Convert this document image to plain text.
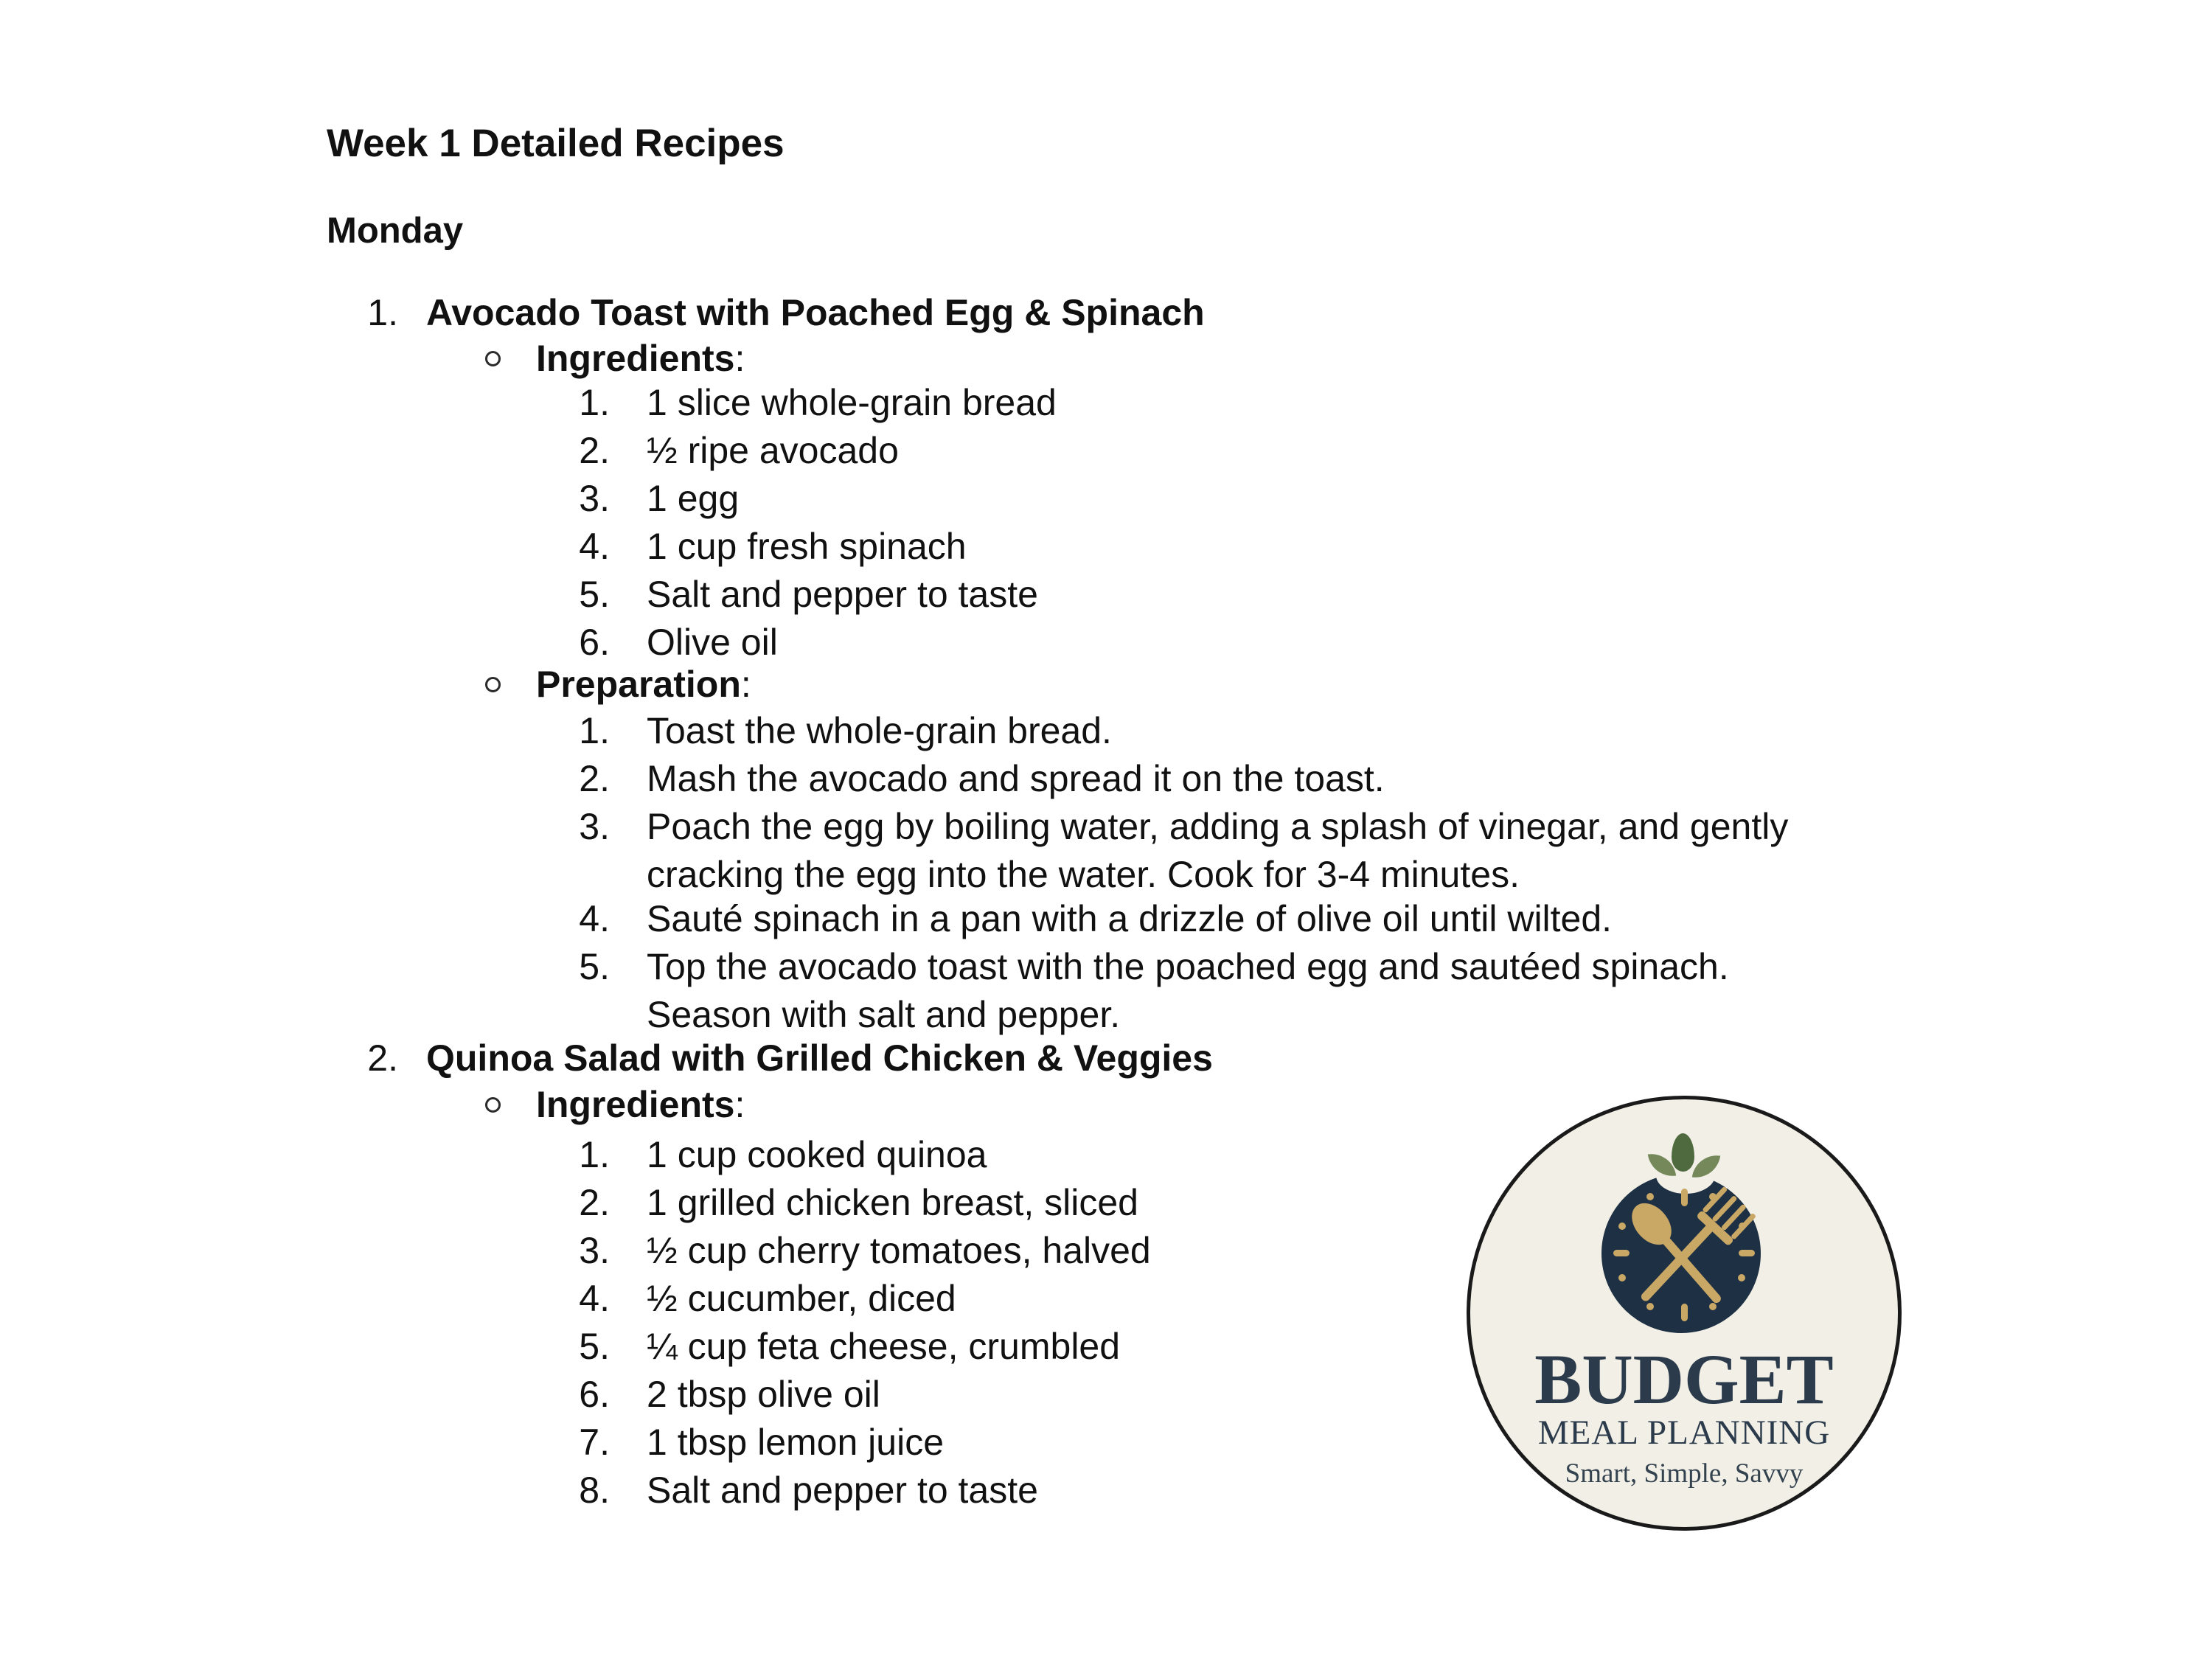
Week 1 Detailed Recipes
Monday
1. Avocado Toast with Poached Egg & Spinach
Ingredients:
1. 1 slice whole-grain bread
2. ½ ripe avocado
3. 1 egg
4. 1 cup fresh spinach
5. Salt and pepper to taste
6. Olive oil
Preparation:
1. Toast the whole-grain bread.
2. Mash the avocado and spread it on the toast.
3. Poach the egg by boiling water, adding a splash of vinegar, and gently cracking the egg into the water. Cook for 3-4 minutes.
4. Sauté spinach in a pan with a drizzle of olive oil until wilted.
5. Top the avocado toast with the poached egg and sautéed spinach. Season with salt and pepper.
2. Quinoa Salad with Grilled Chicken & Veggies
Ingredients:
1. 1 cup cooked quinoa
2. 1 grilled chicken breast, sliced
3. ½ cup cherry tomatoes, halved
4. ½ cucumber, diced
5. ¼ cup feta cheese, crumbled
6. 2 tbsp olive oil
7. 1 tbsp lemon juice
8. Salt and pepper to taste
BUDGET
MEAL PLANNING
Smart, Simple, Savvy
